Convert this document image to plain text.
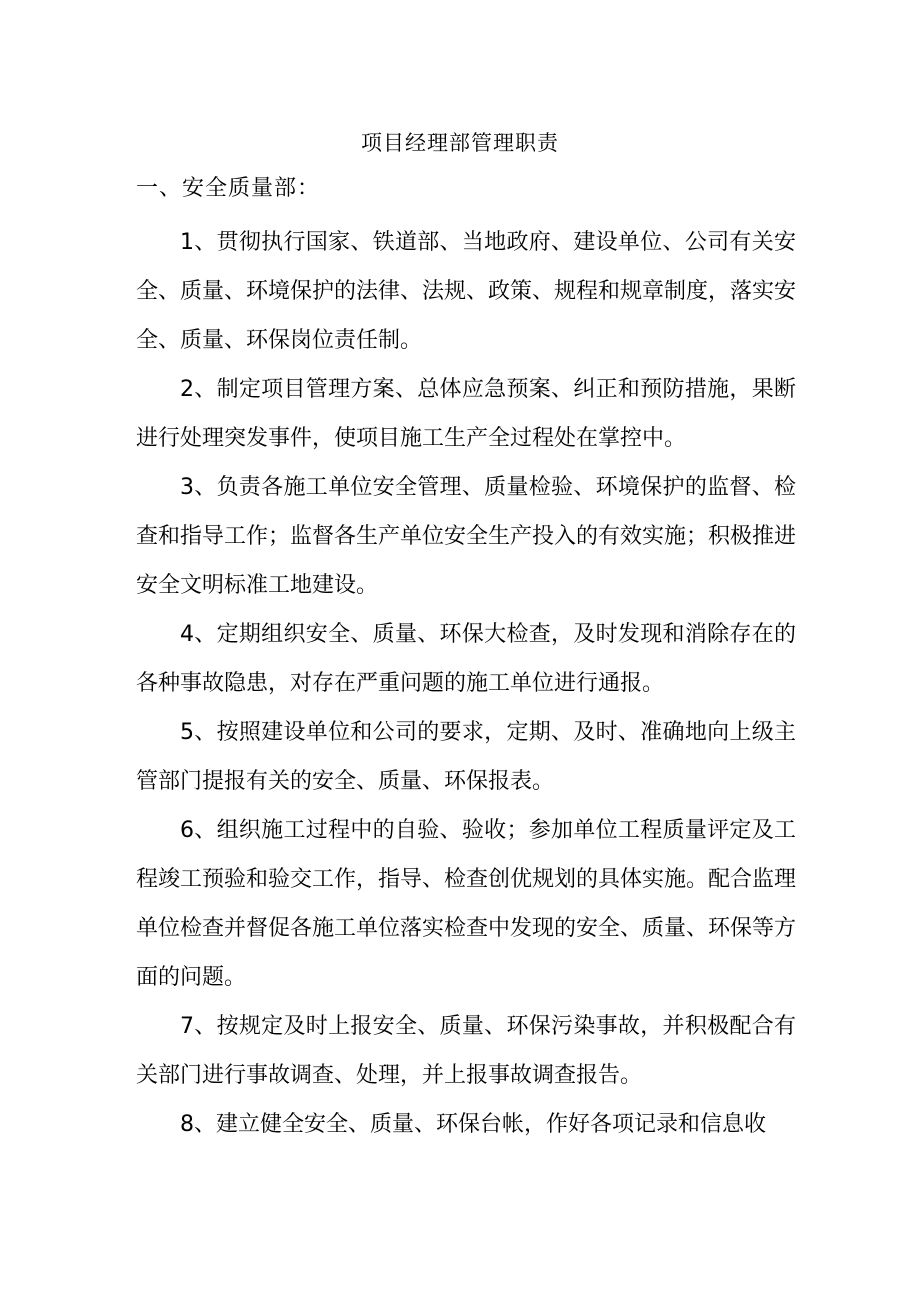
项目经理部管理职责
一、安全质量部：

1、贯彻执行国家、铁道部、当地政府、建设单位、公司有关安全、质量、环境保护的法律、法规、政策、规程和规章制度，落实安全、质量、环保岗位责任制。

2、制定项目管理方案、总体应急预案、纠正和预防措施，果断进行处理突发事件，使项目施工生产全过程处在掌控中。

3、负责各施工单位安全管理、质量检验、环境保护的监督、检查和指导工作；监督各生产单位安全生产投入的有效实施；积极推进安全文明标准工地建设。

4、定期组织安全、质量、环保大检查，及时发现和消除存在的各种事故隐患，对存在严重问题的施工单位进行通报。

5、按照建设单位和公司的要求，定期、及时、准确地向上级主管部门提报有关的安全、质量、环保报表。

6、组织施工过程中的自验、验收；参加单位工程质量评定及工程竣工预验和验交工作，指导、检查创优规划的具体实施。配合监理单位检查并督促各施工单位落实检查中发现的安全、质量、环保等方面的问题。

7、按规定及时上报安全、质量、环保污染事故，并积极配合有关部门进行事故调查、处理，并上报事故调查报告。

8、建立健全安全、质量、环保台帐，作好各项记录和信息收
